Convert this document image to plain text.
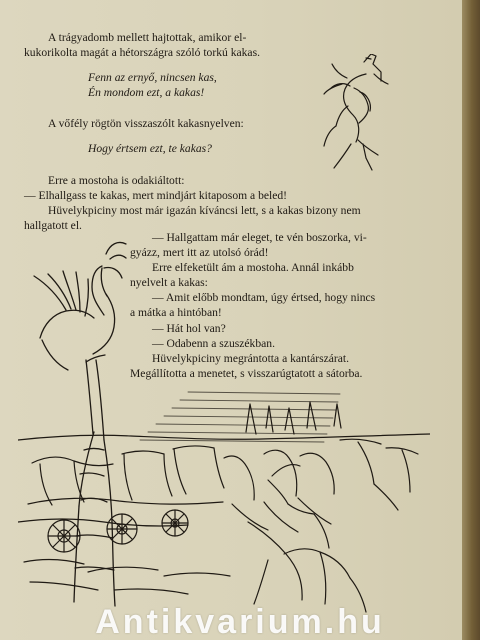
A trágyadomb mellett hajtottak, amikor el-
kukorikolta magát a hétországra szóló torkú kakas.
Fenn az ernyő, nincsen kas,
Én mondom ezt, a kakas!
A vőfély rögtön visszaszólt kakasnyelven:
Hogy értsem ezt, te kakas?
Erre a mostoha is odakiáltott:
— Elhallgass te kakas, mert mindjárt kitaposom a beled!
Hüvelykpiciny most már igazán kíváncsi lett, s a kakas bizony nem
hallgatott el.
— Hallgattam már eleget, te vén boszorka, vi-
gyázz, mert itt az utolsó órád!
Erre elfeketült ám a mostoha. Annál inkább
nyelvelt a kakas:
— Amit előbb mondtam, úgy értsed, hogy nincs
a mátka a hintóban!
— Hát hol van?
— Odabenn a szuszékban.
Hüvelykpiciny megrántotta a kantárszárat.
Megállította a menetet, s visszarúgtatott a sátorba.
Antikvarium.hu
